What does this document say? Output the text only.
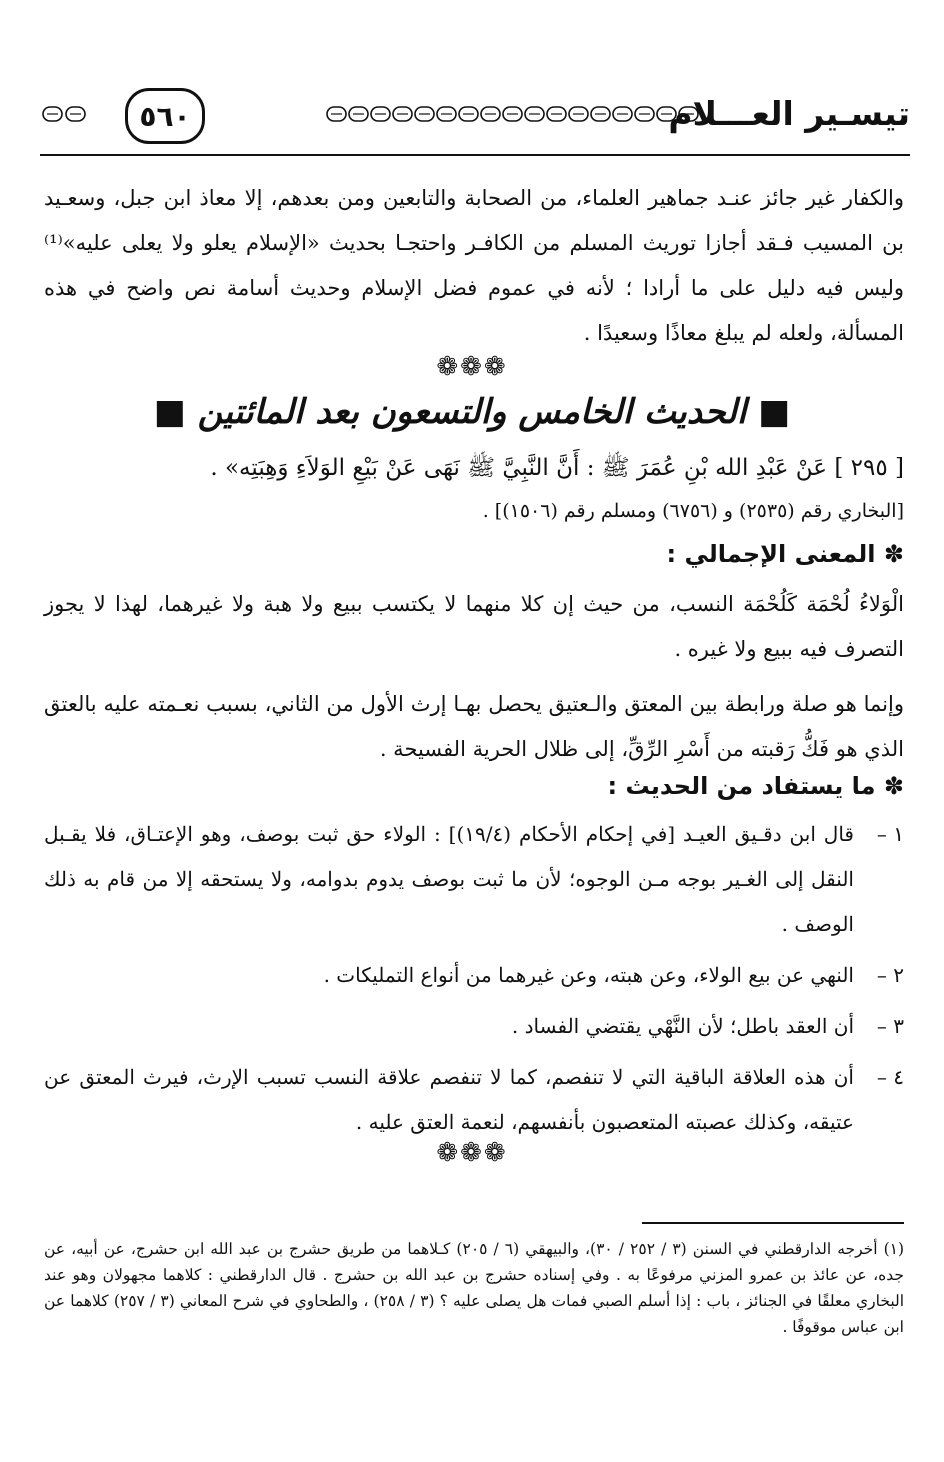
تيسـير العـــلام
٥٦٠
والكفار غير جائز عنـد جماهير العلماء، من الصحابة والتابعين ومن بعدهم، إلا معاذ ابن جبل، وسعـيد بن المسيب فـقد أجازا توريث المسلم من الكافـر واحتجـا بحديث «الإسلام يعلو ولا يعلى عليه»⁽¹⁾ وليس فيه دليل على ما أرادا ؛ لأنه في عموم فضل الإسلام وحديث أسامة نص واضح في هذه المسألة، ولعله لم يبلغ معاذًا وسعيدًا .
❁❁❁
■ الحديث الخامس والتسعون بعد المائتين ■
[ ٢٩٥ ] عَنْ عَبْدِ الله بْنِ عُمَرَ ﷺ : أَنَّ النَّبِيَّ ﷺ نَهَى عَنْ بَيْعِ الوَلاَءِ وَهِبَتِه» .
[البخاري رقم (٢٥٣٥) و (٦٧٥٦) ومسلم رقم (١٥٠٦)] .
✽ المعنى الإجمالي :
الْوَلاءُ لُحْمَة كَلُحْمَة النسب، من حيث إن كلا منهما لا يكتسب ببيع ولا هبة ولا غيرهما، لهذا لا يجوز التصرف فيه ببيع ولا غيره .
وإنما هو صلة ورابطة بين المعتق والـعتيق يحصل بهـا إرث الأول من الثاني، بسبب نعـمته عليه بالعتق الذي هو فَكُّ رَقبته من أَسْرِ الرِّقِّ، إلى ظلال الحرية الفسيحة .
✽ ما يستفاد من الحديث :
١ –
قال ابن دقـيق العيـد [في إحكام الأحكام (١٩/٤)] : الولاء حق ثبت بوصف، وهو الإعتـاق، فلا يقـبل النقل إلى الغـير بوجه مـن الوجوه؛ لأن ما ثبت بوصف يدوم بدوامه، ولا يستحقه إلا من قام به ذلك الوصف .
٢ –
النهي عن بيع الولاء، وعن هبته، وعن غيرهما من أنواع التمليكات .
٣ –
أن العقد باطل؛ لأن النَّهْي يقتضي الفساد .
٤ –
أن هذه العلاقة الباقية التي لا تنفصم، كما لا تنفصم علاقة النسب تسبب الإرث، فيرث المعتق عن عتيقه، وكذلك عصبته المتعصبون بأنفسهم، لنعمة العتق عليه .
❁❁❁
(١) أخرجه الدارقطني في السنن (٣ / ٢٥٢ / ٣٠)، والبيهقي (٦ / ٢٠٥) كـلاهما من طريق حشرج بن عبد الله ابن حشرج، عن أبيه، عن جده، عن عائذ بن عمرو المزني مرفوعًا به . وفي إسناده حشرج بن عبد الله بن حشرج . قال الدارقطني : كلاهما مجهولان وهو عند البخاري معلقًا في الجنائز ، باب : إذا أسلم الصبي فمات هل يصلى عليه ؟ (٣ / ٢٥٨) ، والطحاوي في شرح المعاني (٣ / ٢٥٧) كلاهما عن ابن عباس موقوفًا .
